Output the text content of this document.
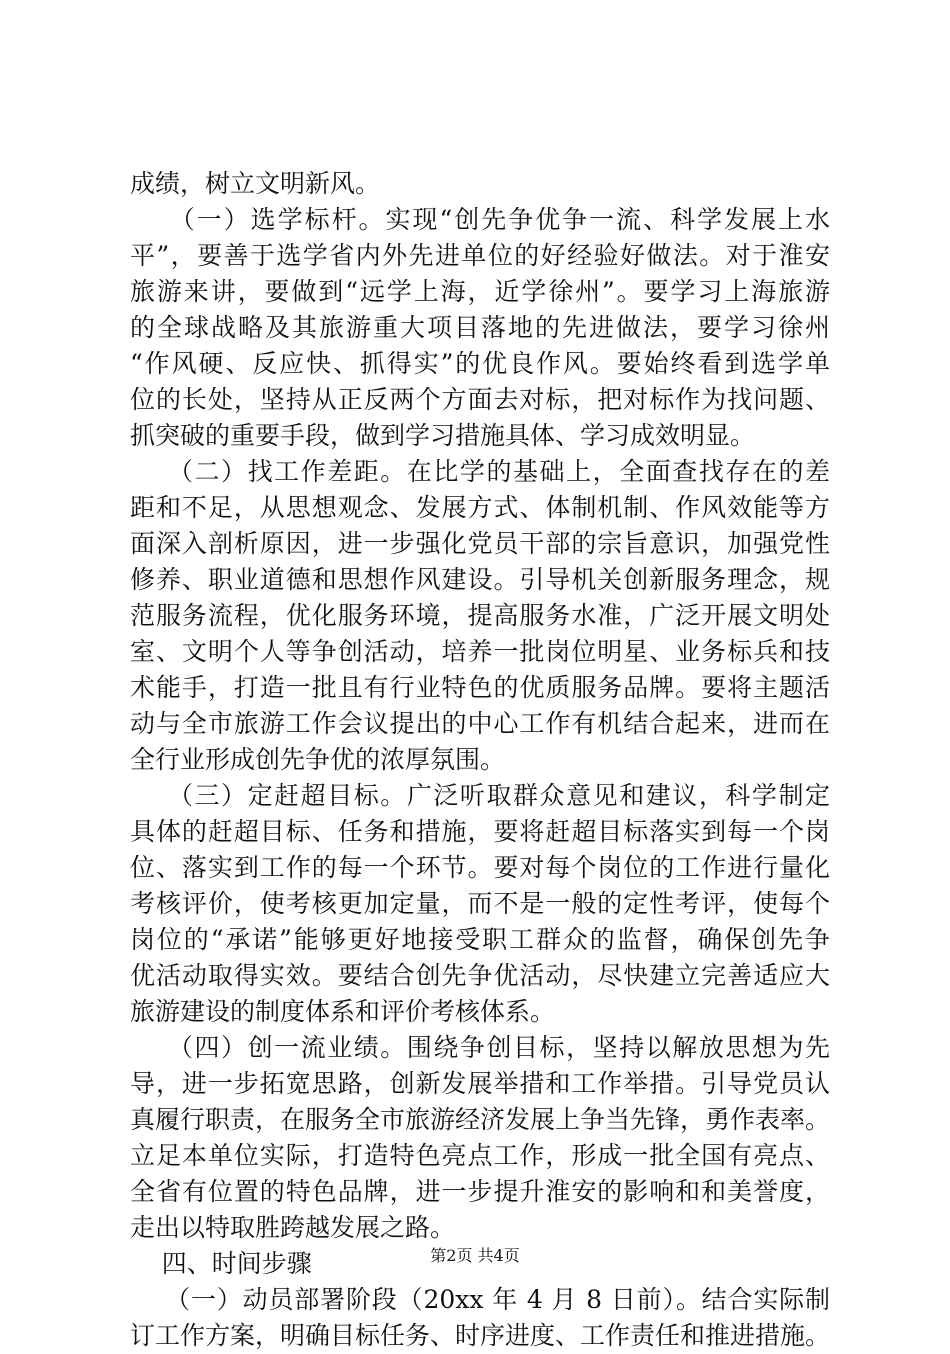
成绩，树立文明新风。
（一）选学标杆。实现“创先争优争一流、科学发展上水
平”，要善于选学省内外先进单位的好经验好做法。对于淮安
旅游来讲，要做到“远学上海，近学徐州”。要学习上海旅游
的全球战略及其旅游重大项目落地的先进做法，要学习徐州
“作风硬、反应快、抓得实”的优良作风。要始终看到选学单
位的长处，坚持从正反两个方面去对标，把对标作为找问题、
抓突破的重要手段，做到学习措施具体、学习成效明显。
（二）找工作差距。在比学的基础上，全面查找存在的差
距和不足，从思想观念、发展方式、体制机制、作风效能等方
面深入剖析原因，进一步强化党员干部的宗旨意识，加强党性
修养、职业道德和思想作风建设。引导机关创新服务理念，规
范服务流程，优化服务环境，提高服务水准，广泛开展文明处
室、文明个人等争创活动，培养一批岗位明星、业务标兵和技
术能手，打造一批且有行业特色的优质服务品牌。要将主题活
动与全市旅游工作会议提出的中心工作有机结合起来，进而在
全行业形成创先争优的浓厚氛围。
（三）定赶超目标。广泛听取群众意见和建议，科学制定
具体的赶超目标、任务和措施，要将赶超目标落实到每一个岗
位、落实到工作的每一个环节。要对每个岗位的工作进行量化
考核评价，使考核更加定量，而不是一般的定性考评，使每个
岗位的“承诺”能够更好地接受职工群众的监督，确保创先争
优活动取得实效。要结合创先争优活动，尽快建立完善适应大
旅游建设的制度体系和评价考核体系。
（四）创一流业绩。围绕争创目标，坚持以解放思想为先
导，进一步拓宽思路，创新发展举措和工作举措。引导党员认
真履行职责，在服务全市旅游经济发展上争当先锋，勇作表率。
立足本单位实际，打造特色亮点工作，形成一批全国有亮点、
全省有位置的特色品牌，进一步提升淮安的影响和和美誉度，
走出以特取胜跨越发展之路。
四、时间步骤
（一）动员部署阶段（20xx 年 4 月 8 日前）。结合实际制
订工作方案，明确目标任务、时序进度、工作责任和推进措施。
第2页 共4页
